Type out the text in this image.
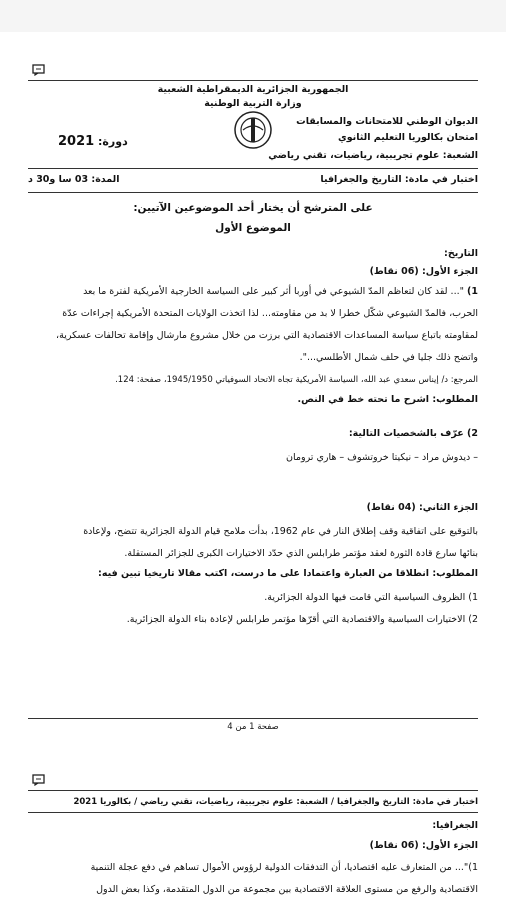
الجمهورية الجزائرية الديمقراطية الشعبية
وزارة التربية الوطنية
الديوان الوطني للامتحانات والمسابقات
امتحان بكالوريا التعليم الثانوي
الشعبة: علوم تجريبية، رياضيات، تقني رياضي
دورة: 2021
اختبار في مادة: التاريخ والجغرافيا
المدة: 03 سا و30 د
على المترشح أن يختار أحد الموضوعين الآتيين:
الموضوع الأول
التاريخ:
الجزء الأول: (06 نقاط)
1) "... لقد كان لتعاظم المدّ الشيوعي في أوربا أثر كبير على السياسة الخارجية الأمريكية لفترة ما بعد
الحرب، فالمدّ الشيوعي شكّل خطرا لا بد من مقاومته... لذا اتخذت الولايات المتحدة الأمريكية إجراءات عدّة
لمقاومته باتباع سياسة المساعدات الاقتصادية التي برزت من خلال مشروع مارشال وإقامة تحالفات عسكرية،
واتضح ذلك جليا في حلف شمال الأطلسي...".
المرجع: د/ إيناس سعدي عبد الله، السياسة الأمريكية تجاه الاتحاد السوفياتي 1945/1950، صفحة: 124.
المطلوب: اشرح ما تحته خط في النص.
2) عرّف بالشخصيات التالية:
– ديدوش مراد – نيكيتا خروتشوف – هاري ترومان
الجزء الثاني: (04 نقاط)
بالتوقيع على اتفاقية وقف إطلاق النار في عام 1962، بدأت ملامح قيام الدولة الجزائرية تتضح، ولإعادة
بنائها سارع قادة الثورة لعقد مؤتمر طرابلس الذي حدّد الاختيارات الكبرى للجزائر المستقلة.
المطلوب: انطلاقا من العبارة واعتمادا على ما درست، اكتب مقالا تاريخيا تبين فيه:
1) الظروف السياسية التي قامت فيها الدولة الجزائرية.
2) الاختيارات السياسية والاقتصادية التي أقرّها مؤتمر طرابلس لإعادة بناء الدولة الجزائرية.
صفحة 1 من 4
اختبار في مادة: التاريخ والجغرافيا / الشعبة: علوم تجريبية، رياضيات، تقني رياضي / بكالوريا 2021
الجغرافيا:
الجزء الأول: (06 نقاط)
1)"... من المتعارف عليه اقتصاديا، أن التدفقات الدولية لرؤوس الأموال تساهم في دفع عجلة التنمية
الاقتصادية والرفع من مستوى العلاقة الاقتصادية بين مجموعة من الدول المتقدمة، وكذا بعض الدول
